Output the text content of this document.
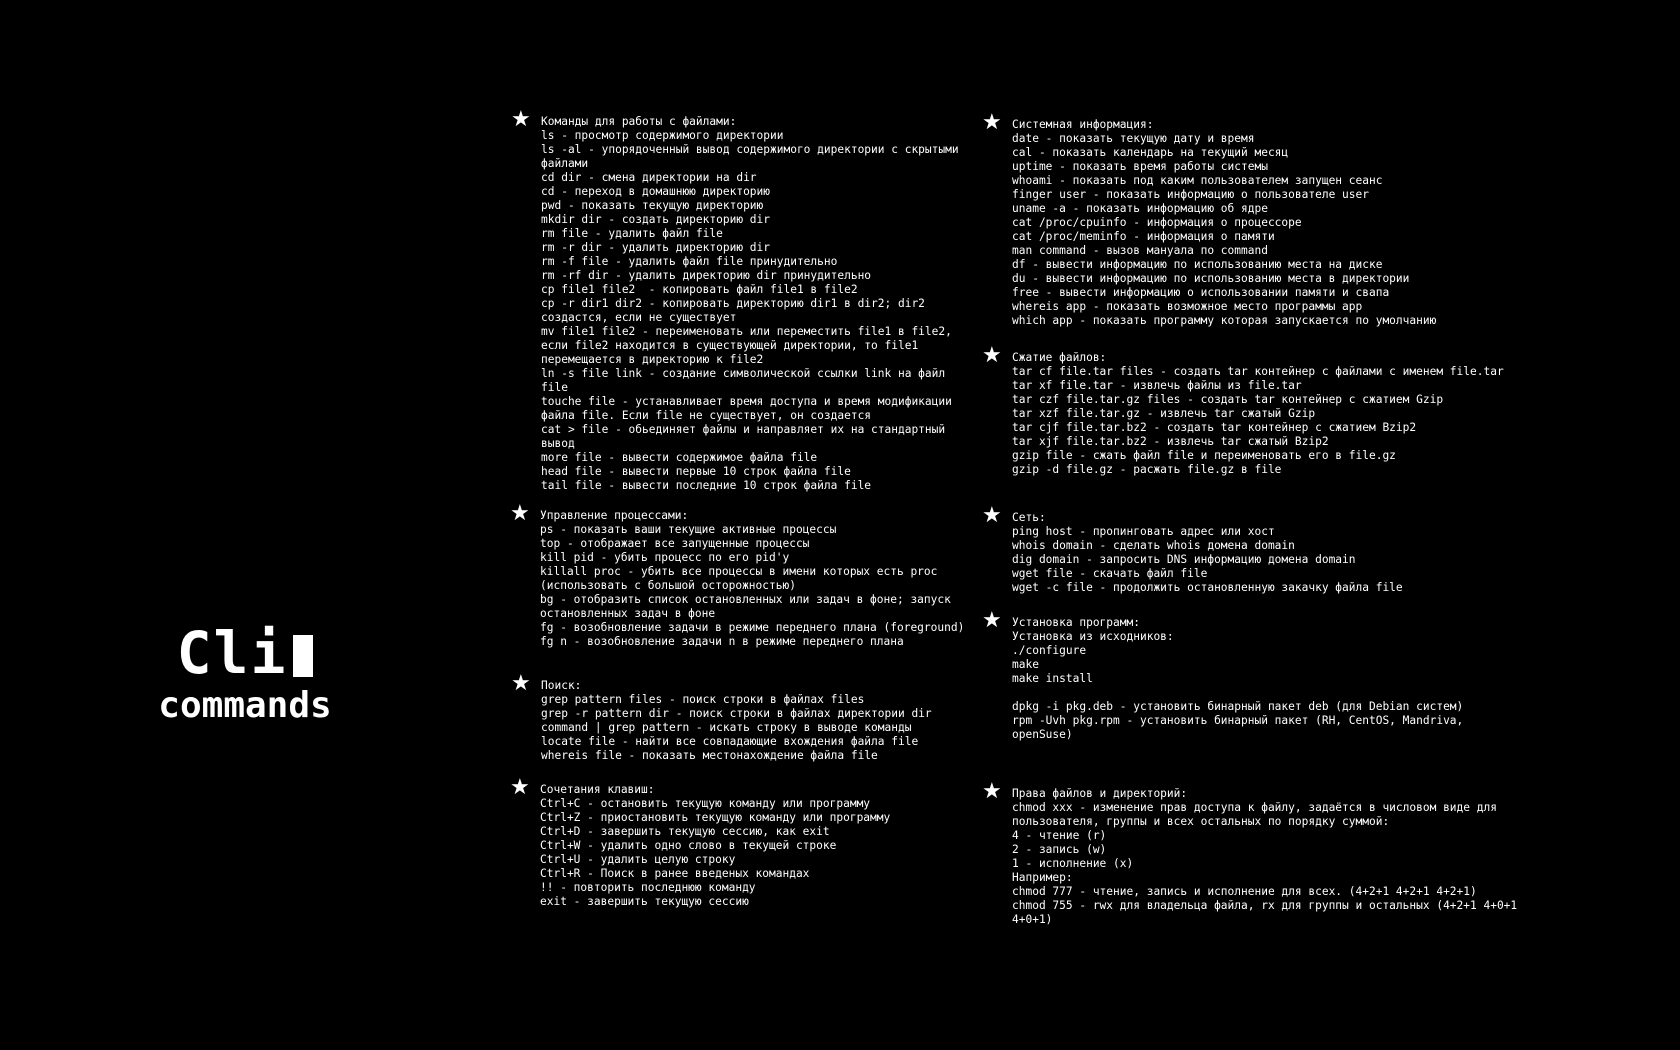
Cli
commands
★ Команды для работы с файлами:

ls - просмотр содержимого директории

ls -al - упорядоченный вывод содержимого директории с скрытыми файлами

cd dir - смена директории на dir

cd - переход в домашнюю директорию

pwd - показать текущую директорию

mkdir dir - создать директорию dir

rm file - удалить файл file

rm -r dir - удалить директорию dir

rm -f file - удалить файл file принудительно

rm -rf dir - удалить директорию dir принудительно

cp file1 file2  - копировать файл file1 в file2

cp -r dir1 dir2 - копировать директорию dir1 в dir2; dir2 создастся, если не существует

mv file1 file2 - переименовать или переместить file1 в file2, если file2 находится в существующей директории, то file1 перемещается в директорию к file2

ln -s file link - создание символической ссылки link на файл file

touche file - устанавливает время доступа и время модификации файла file. Если file не существует, он создается

cat > file - обьединяет файлы и направляет их на стандартный вывод

more file - вывести содержимое файла file

head file - вывести первые 10 строк файла file

tail file - вывести последние 10 строк файла file

★ Управление процессами:

ps - показать ваши текущие активные процессы

top - отображает все запущенные процессы

kill pid - убить процесс по его pid'у

killall proc - убить все процессы в имени которых есть proc (использовать с большой осторожностью)

bg - отобразить список остановленных или задач в фоне; запуск остановленных задач в фоне

fg - возобновление задачи в режиме переднего плана (foreground)

fg n - возобновление задачи n в режиме переднего плана

★ Поиск:

grep pattern files - поиск строки в файлах files

grep -r pattern dir - поиск строки в файлах директории dir

command | grep pattern - искать строку в выводе команды

locate file - найти все совпадающие вхождения файла file

whereis file - показать местонахождение файла file

★ Сочетания клавиш:

Ctrl+C - остановить текущую команду или программу

Ctrl+Z - приостановить текущую команду или программу

Ctrl+D - завершить текущую сессию, как exit

Ctrl+W - удалить одно слово в текущей строке

Ctrl+U - удалить целую строку

Ctrl+R - Поиск в ранее введеных командах

!! - повторить последнюю команду

exit - завершить текущую сессию

★ Системная информация:

date - показать текущую дату и время

cal - показать календарь на текущий месяц

uptime - показать время работы системы

whoami - показать под каким пользователем запущен сеанс

finger user - показать информацию о пользователе user

uname -a - показать информацию об ядре

cat /proc/cpuinfo - информация о процессоре

cat /proc/meminfo - информация о памяти

man command - вызов мануала по command

df - вывести информацию по использованию места на диске

du - вывести информацию по использованию места в директории

free - вывести информацию о использовании памяти и свапа

whereis app - показать возможное место программы app

which app - показать программу которая запускается по умолчанию

★ Сжатие файлов:

tar cf file.tar files - создать tar контейнер с файлами с именем file.tar

tar xf file.tar - извлечь файлы из file.tar

tar czf file.tar.gz files - создать tar контейнер с сжатием Gzip

tar xzf file.tar.gz - извлечь tar сжатый Gzip

tar cjf file.tar.bz2 - создать tar контейнер с сжатием Bzip2

tar xjf file.tar.bz2 - извлечь tar сжатый Bzip2

gzip file - сжать файл file и переименовать его в file.gz

gzip -d file.gz - расжать file.gz в file

★ Сеть:

ping host - пропинговать адрес или хост

whois domain - сделать whois домена domain

dig domain - запросить DNS информацию домена domain

wget file - скачать файл file

wget -c file - продолжить остановленную закачку файла file

★ Установка программ:

Установка из исходников:

./configure

make

make install

dpkg -i pkg.deb - установить бинарный пакет deb (для Debian систем)

rpm -Uvh pkg.rpm - установить бинарный пакет (RH, CentOS, Mandriva, openSuse)

★ Права файлов и директорий:

chmod xxx - изменение прав доступа к файлу, задаётся в числовом виде для пользователя, группы и всех остальных по порядку суммой:

4 - чтение (r)

2 - запись (w)

1 - исполнение (x)

Например:

chmod 777 - чтение, запись и исполнение для всех. (4+2+1 4+2+1 4+2+1)

chmod 755 - rwx для владельца файла, rx для группы и остальных (4+2+1 4+0+1 4+0+1)
